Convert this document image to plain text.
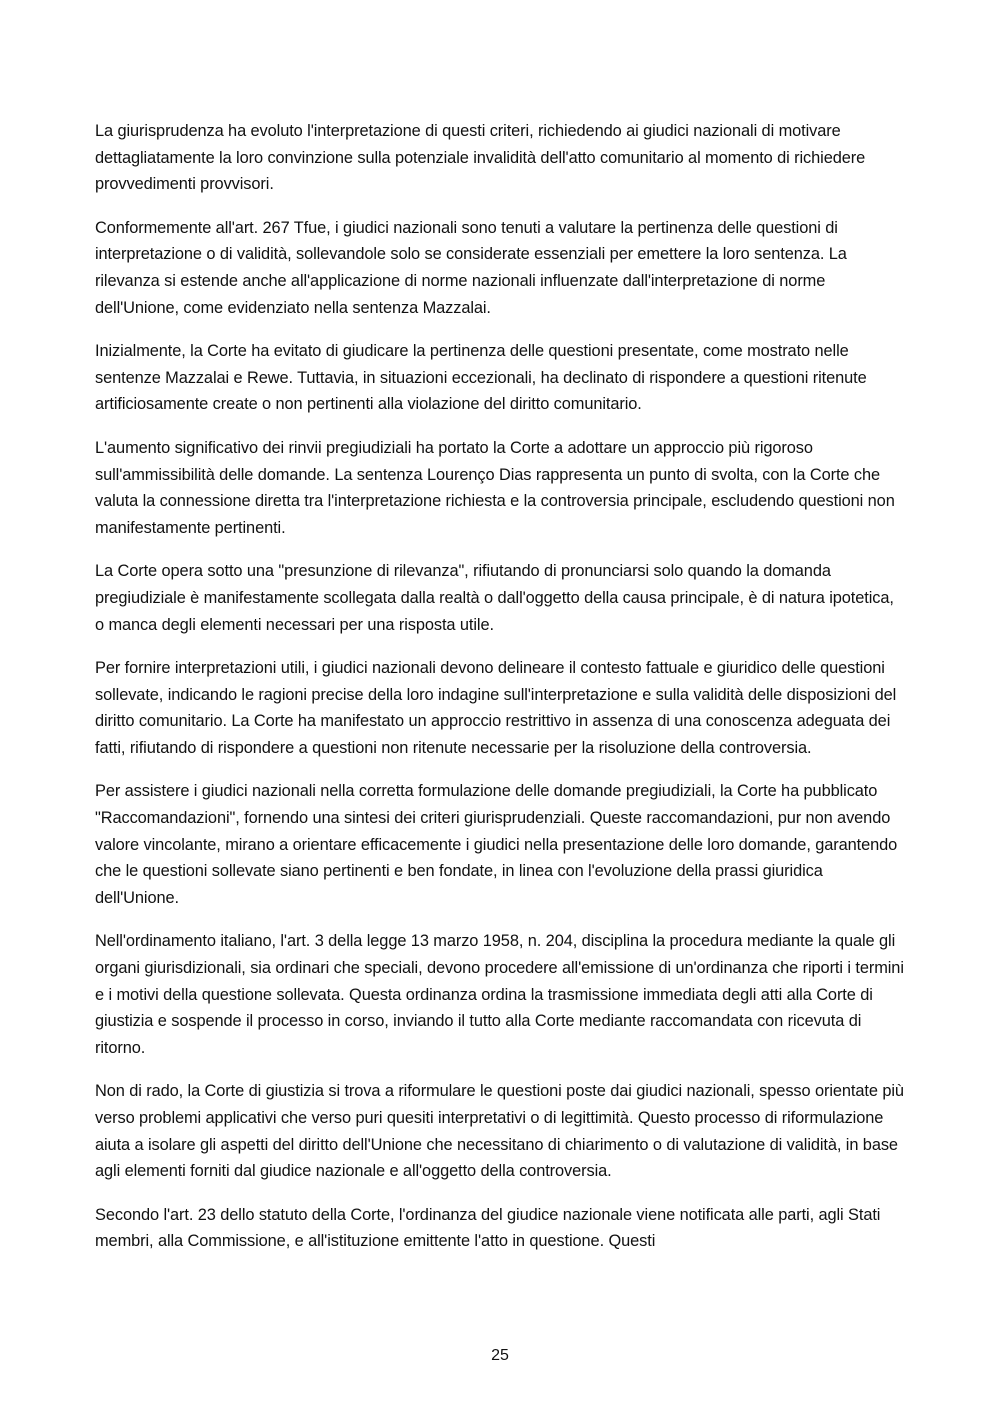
La giurisprudenza ha evoluto l'interpretazione di questi criteri, richiedendo ai giudici nazionali di motivare dettagliatamente la loro convinzione sulla potenziale invalidità dell'atto comunitario al momento di richiedere provvedimenti provvisori.

Conformemente all'art. 267 Tfue, i giudici nazionali sono tenuti a valutare la pertinenza delle questioni di interpretazione o di validità, sollevandole solo se considerate essenziali per emettere la loro sentenza. La rilevanza si estende anche all'applicazione di norme nazionali influenzate dall'interpretazione di norme dell'Unione, come evidenziato nella sentenza Mazzalai.

Inizialmente, la Corte ha evitato di giudicare la pertinenza delle questioni presentate, come mostrato nelle sentenze Mazzalai e Rewe. Tuttavia, in situazioni eccezionali, ha declinato di rispondere a questioni ritenute artificiosamente create o non pertinenti alla violazione del diritto comunitario.

L'aumento significativo dei rinvii pregiudiziali ha portato la Corte a adottare un approccio più rigoroso sull'ammissibilità delle domande. La sentenza Lourenço Dias rappresenta un punto di svolta, con la Corte che valuta la connessione diretta tra l'interpretazione richiesta e la controversia principale, escludendo questioni non manifestamente pertinenti.

La Corte opera sotto una "presunzione di rilevanza", rifiutando di pronunciarsi solo quando la domanda pregiudiziale è manifestamente scollegata dalla realtà o dall'oggetto della causa principale, è di natura ipotetica, o manca degli elementi necessari per una risposta utile.

Per fornire interpretazioni utili, i giudici nazionali devono delineare il contesto fattuale e giuridico delle questioni sollevate, indicando le ragioni precise della loro indagine sull'interpretazione e sulla validità delle disposizioni del diritto comunitario. La Corte ha manifestato un approccio restrittivo in assenza di una conoscenza adeguata dei fatti, rifiutando di rispondere a questioni non ritenute necessarie per la risoluzione della controversia.

Per assistere i giudici nazionali nella corretta formulazione delle domande pregiudiziali, la Corte ha pubblicato "Raccomandazioni", fornendo una sintesi dei criteri giurisprudenziali. Queste raccomandazioni, pur non avendo valore vincolante, mirano a orientare efficacemente i giudici nella presentazione delle loro domande, garantendo che le questioni sollevate siano pertinenti e ben fondate, in linea con l'evoluzione della prassi giuridica dell'Unione.

Nell'ordinamento italiano, l'art. 3 della legge 13 marzo 1958, n. 204, disciplina la procedura mediante la quale gli organi giurisdizionali, sia ordinari che speciali, devono procedere all'emissione di un'ordinanza che riporti i termini e i motivi della questione sollevata. Questa ordinanza ordina la trasmissione immediata degli atti alla Corte di giustizia e sospende il processo in corso, inviando il tutto alla Corte mediante raccomandata con ricevuta di ritorno.

Non di rado, la Corte di giustizia si trova a riformulare le questioni poste dai giudici nazionali, spesso orientate più verso problemi applicativi che verso puri quesiti interpretativi o di legittimità. Questo processo di riformulazione aiuta a isolare gli aspetti del diritto dell'Unione che necessitano di chiarimento o di valutazione di validità, in base agli elementi forniti dal giudice nazionale e all'oggetto della controversia.

Secondo l'art. 23 dello statuto della Corte, l'ordinanza del giudice nazionale viene notificata alle parti, agli Stati membri, alla Commissione, e all'istituzione emittente l'atto in questione. Questi

25
